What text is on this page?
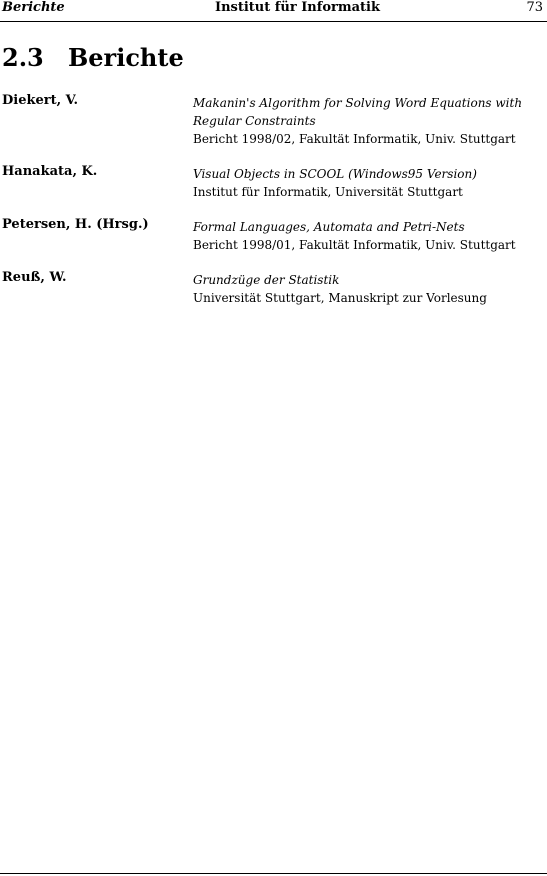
Berichte	Institut für Informatik	73
2.3 Berichte
Diekert, V.	Makanin's Algorithm for Solving Word Equations with
Regular Constraints
Bericht 1998/02, Fakultät Informatik, Univ. Stuttgart
Hanakata, K.	Visual Objects in SCOOL (Windows95 Version)
Institut für Informatik, Universität Stuttgart
Petersen, H. (Hrsg.)	Formal Languages, Automata and Petri-Nets
Bericht 1998/01, Fakultät Informatik, Univ. Stuttgart
Reuß, W.	Grundzüge der Statistik
Universität Stuttgart, Manuskript zur Vorlesung
